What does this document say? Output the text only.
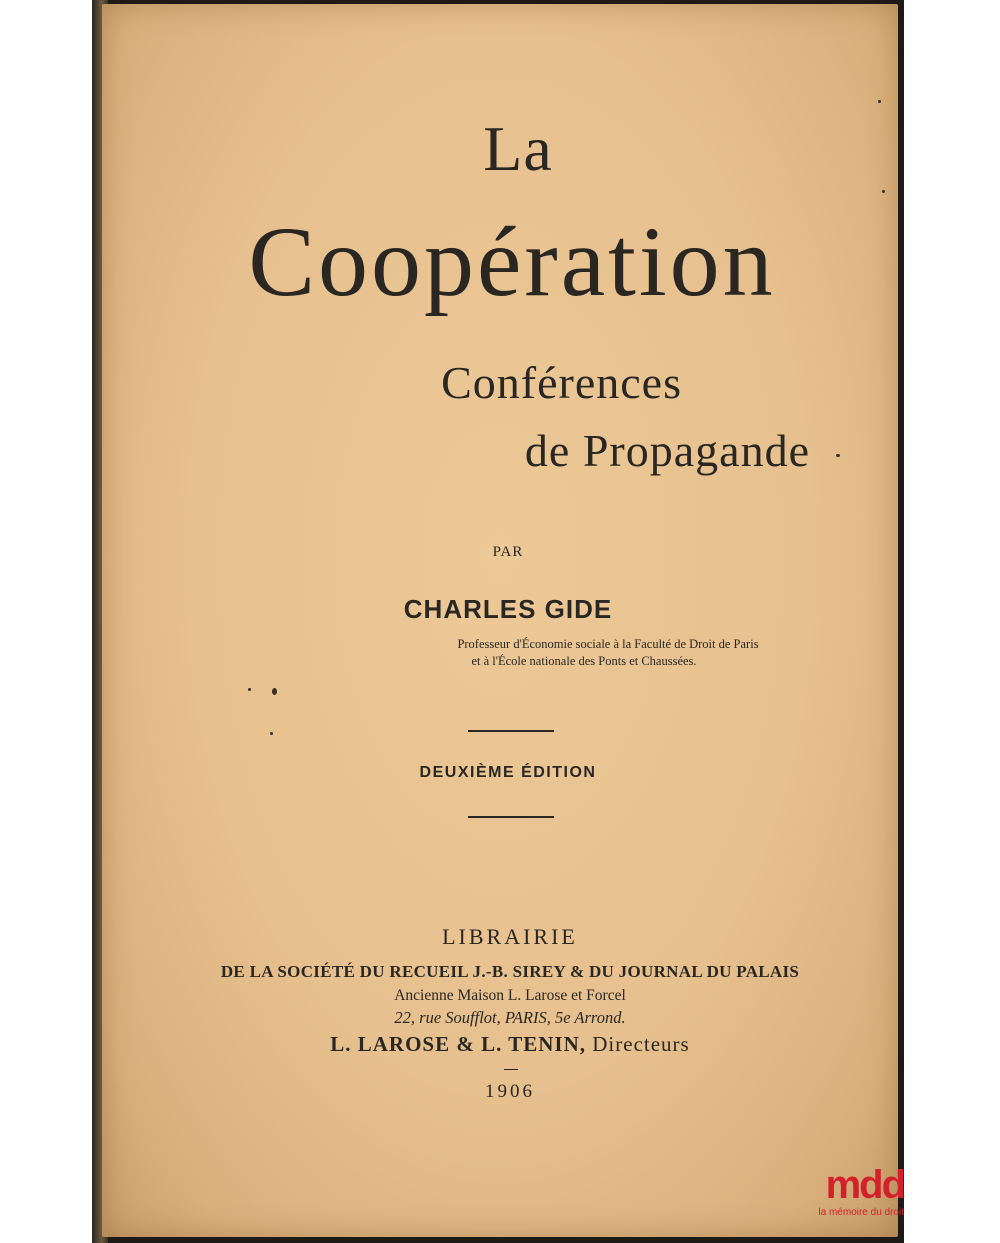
La
Coopération
Conférences
de Propagande
PAR
CHARLES GIDE
Professeur d'Économie sociale à la Faculté de Droit de Paris
et à l'École nationale des Ponts et Chaussées.
DEUXIÈME ÉDITION
LIBRAIRIE
DE LA SOCIÉTÉ DU RECUEIL J.-B. SIREY & DU JOURNAL DU PALAIS
Ancienne Maison L. Larose et Forcel
22, rue Soufflot, PARIS, 5e Arrond.
L. LAROSE & L. TENIN, Directeurs
1906
mdd
la mémoire du droit
